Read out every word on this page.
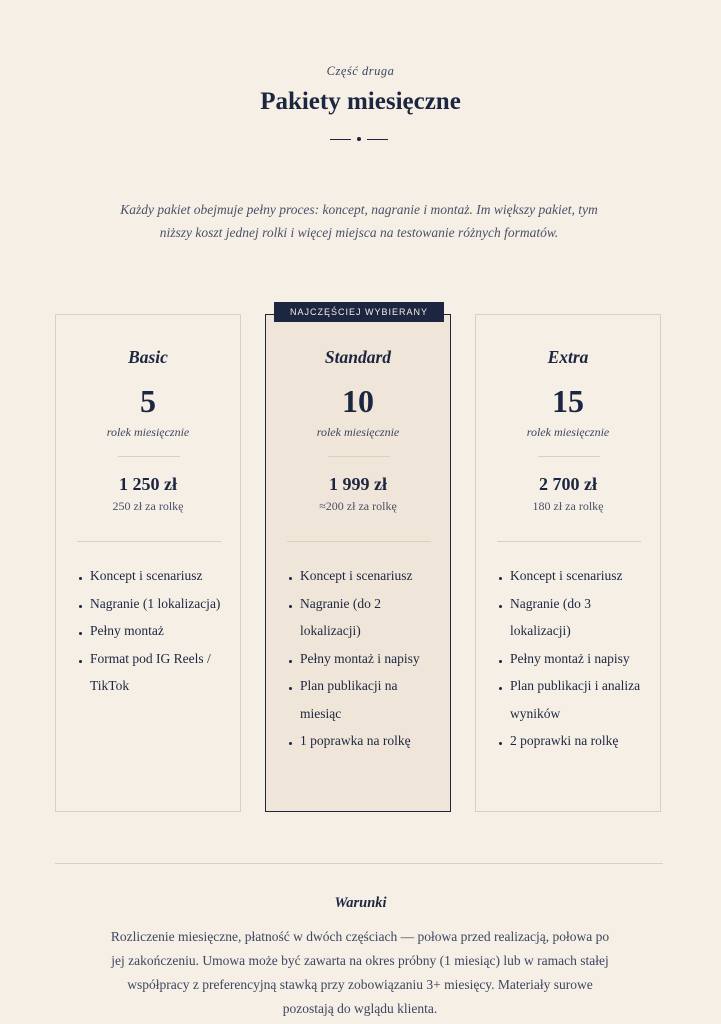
Część druga
Pakiety miesięczne
Każdy pakiet obejmuje pełny proces: koncept, nagranie i montaż. Im większy pakiet, tym niższy koszt jednej rolki i więcej miejsca na testowanie różnych formatów.
Basic
5
rolek miesięcznie
1 250 zł
250 zł za rolkę
Koncept i scenariusz
Nagranie (1 lokalizacja)
Pełny montaż
Format pod IG Reels / TikTok
Standard
10
rolek miesięcznie
1 999 zł
≈200 zł za rolkę
Koncept i scenariusz
Nagranie (do 2 lokalizacji)
Pełny montaż i napisy
Plan publikacji na miesiąc
1 poprawka na rolkę
NAJCZĘŚCIEJ WYBIERANY
Extra
15
rolek miesięcznie
2 700 zł
180 zł za rolkę
Koncept i scenariusz
Nagranie (do 3 lokalizacji)
Pełny montaż i napisy
Plan publikacji i analiza wyników
2 poprawki na rolkę
Warunki
Rozliczenie miesięczne, płatność w dwóch częściach — połowa przed realizacją, połowa po jej zakończeniu. Umowa może być zawarta na okres próbny (1 miesiąc) lub w ramach stałej współpracy z preferencyjną stawką przy zobowiązaniu 3+ miesięcy. Materiały surowe pozostają do wglądu klienta.
